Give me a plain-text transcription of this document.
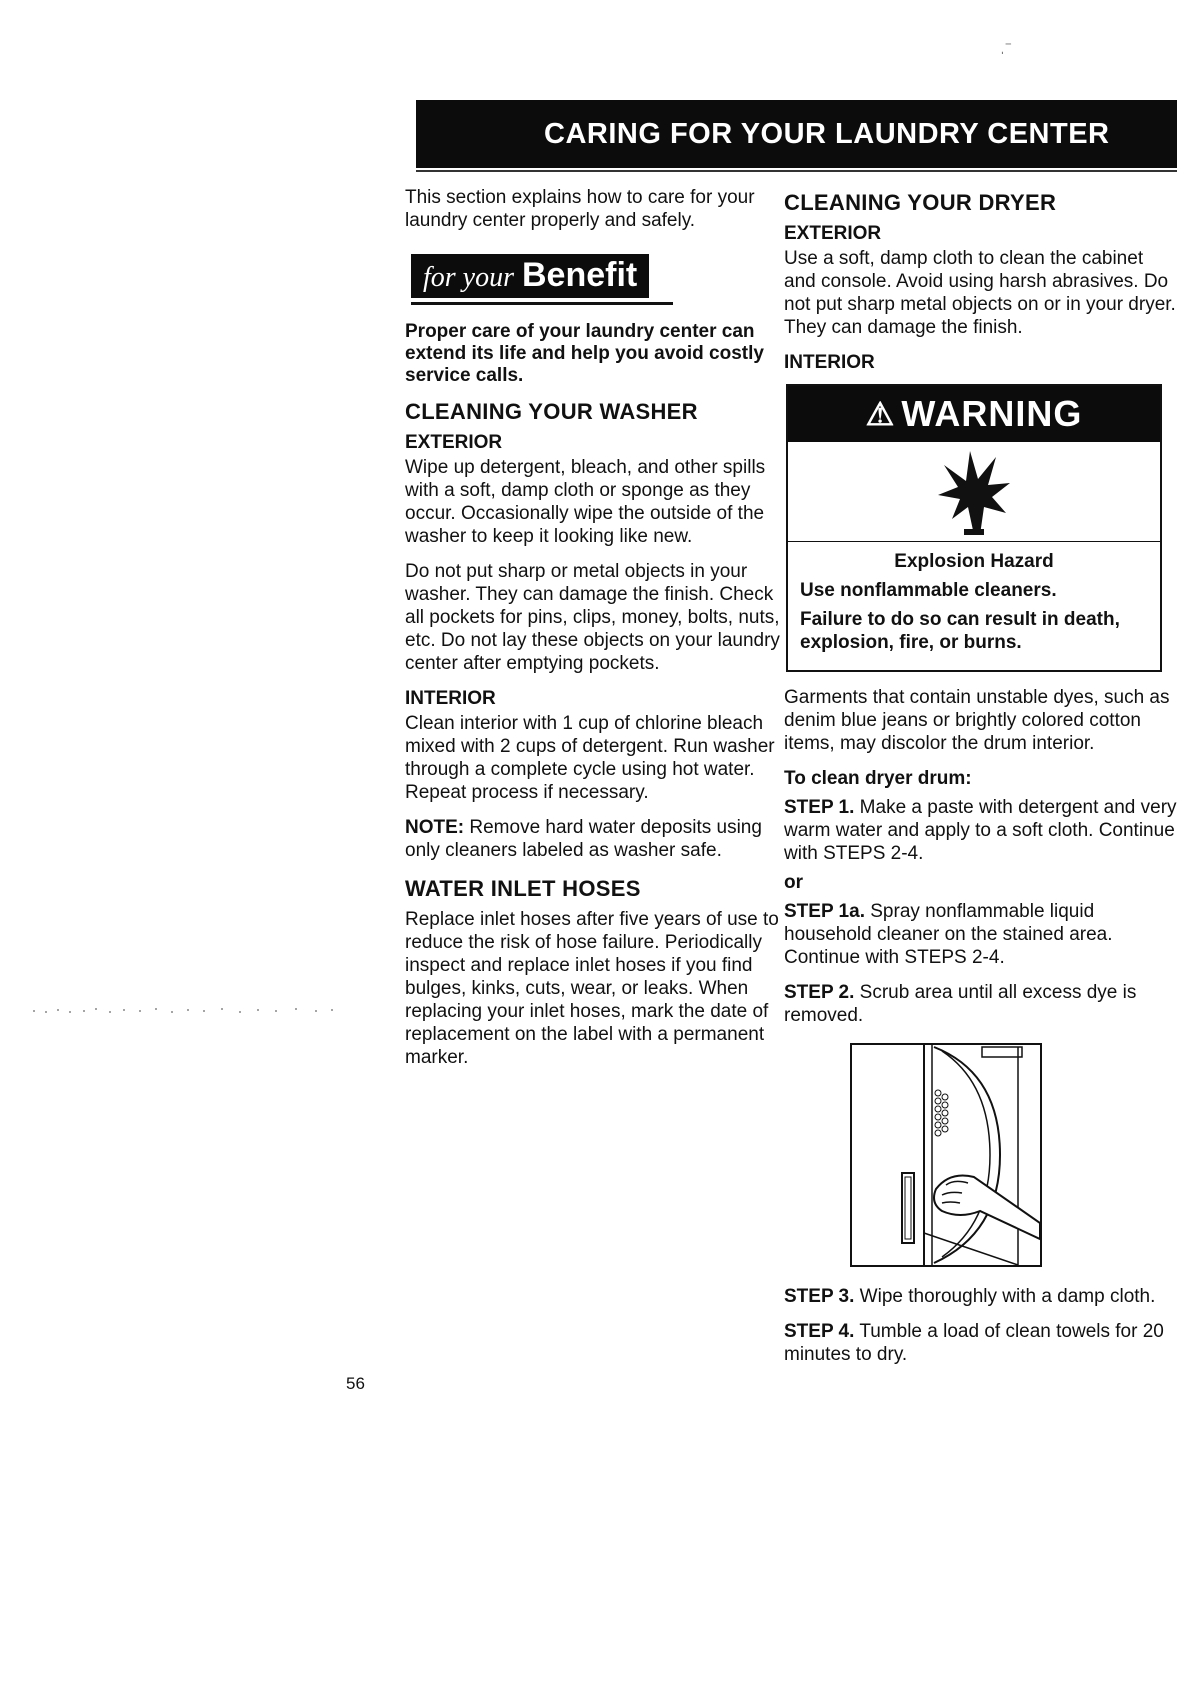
ˌ⁻
CARING FOR YOUR LAUNDRY CENTER

This section explains how to care for your laundry center properly and safely.

for your Benefit

Proper care of your laundry center can extend its life and help you avoid costly service calls.

CLEANING YOUR WASHER
EXTERIOR

Wipe up detergent, bleach, and other spills with a soft, damp cloth or sponge as they occur. Occasionally wipe the outside of the washer to keep it looking like new.

Do not put sharp or metal objects in your washer. They can damage the finish. Check all pockets for pins, clips, money, bolts, nuts, etc. Do not lay these objects on your laundry center after emptying pockets.

INTERIOR

Clean interior with 1 cup of chlorine bleach mixed with 2 cups of detergent. Run washer through a complete cycle using hot water. Repeat process if necessary.

NOTE: Remove hard water deposits using only cleaners labeled as washer safe.

WATER INLET HOSES

Replace inlet hoses after five years of use to reduce the risk of hose failure. Periodically inspect and replace inlet hoses if you find bulges, kinks, cuts, wear, or leaks. When replacing your inlet hoses, mark the date of replacement on the label with a permanent marker.

CLEANING YOUR DRYER
EXTERIOR

Use a soft, damp cloth to clean the cabinet and console. Avoid using harsh abrasives. Do not put sharp metal objects on or in your dryer. They can damage the finish.

INTERIOR
⚠ WARNING
Explosion Hazard

Use nonflammable cleaners.

Failure to do so can result in death, explosion, fire, or burns.

Garments that contain unstable dyes, such as denim blue jeans or brightly colored cotton items, may discolor the drum interior.

To clean dryer drum:

STEP 1. Make a paste with detergent and very warm water and apply to a soft cloth. Continue with STEPS 2-4.

or

STEP 1a. Spray nonflammable liquid household cleaner on the stained area. Continue with STEPS 2-4.

STEP 2. Scrub area until all excess dye is removed.

STEP 3. Wipe thoroughly with a damp cloth.

STEP 4. Tumble a load of clean towels for 20 minutes to dry.

56
